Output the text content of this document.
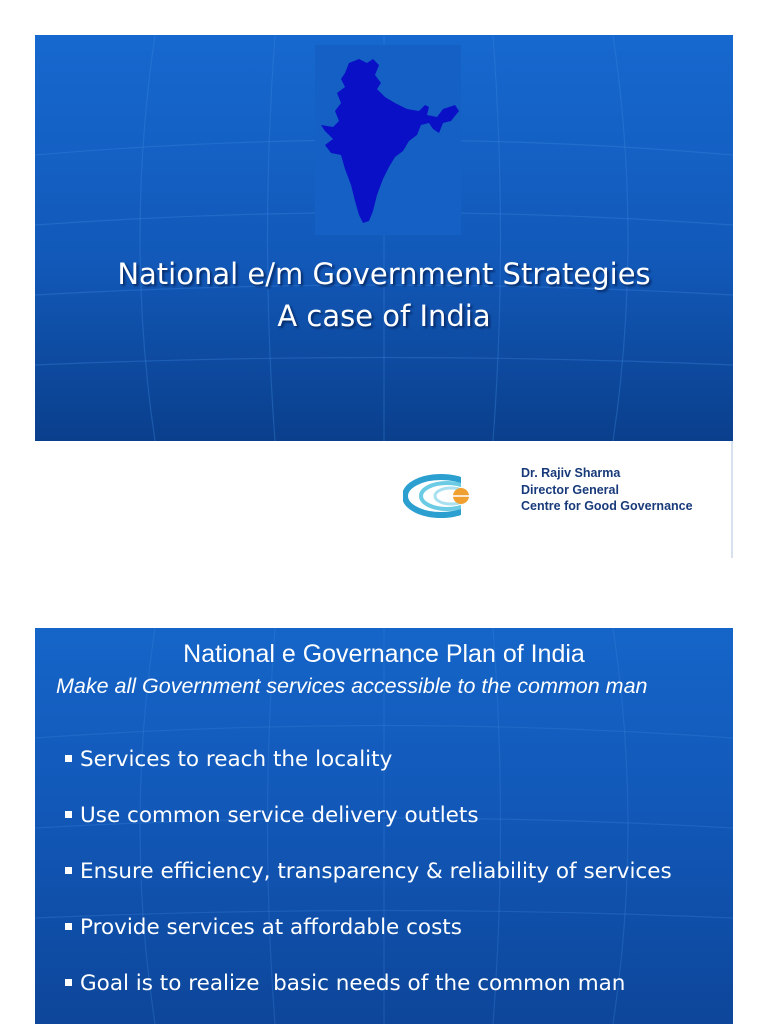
National e/m Government Strategies
A case of India
Dr. Rajiv Sharma
Director General
Centre for Good Governance
National e Governance Plan of India
Make all Government services accessible to the common man
Services to reach the locality
Use common service delivery outlets
Ensure efficiency, transparency & reliability of services
Provide services at affordable costs
Goal is to realize  basic needs of the common man
